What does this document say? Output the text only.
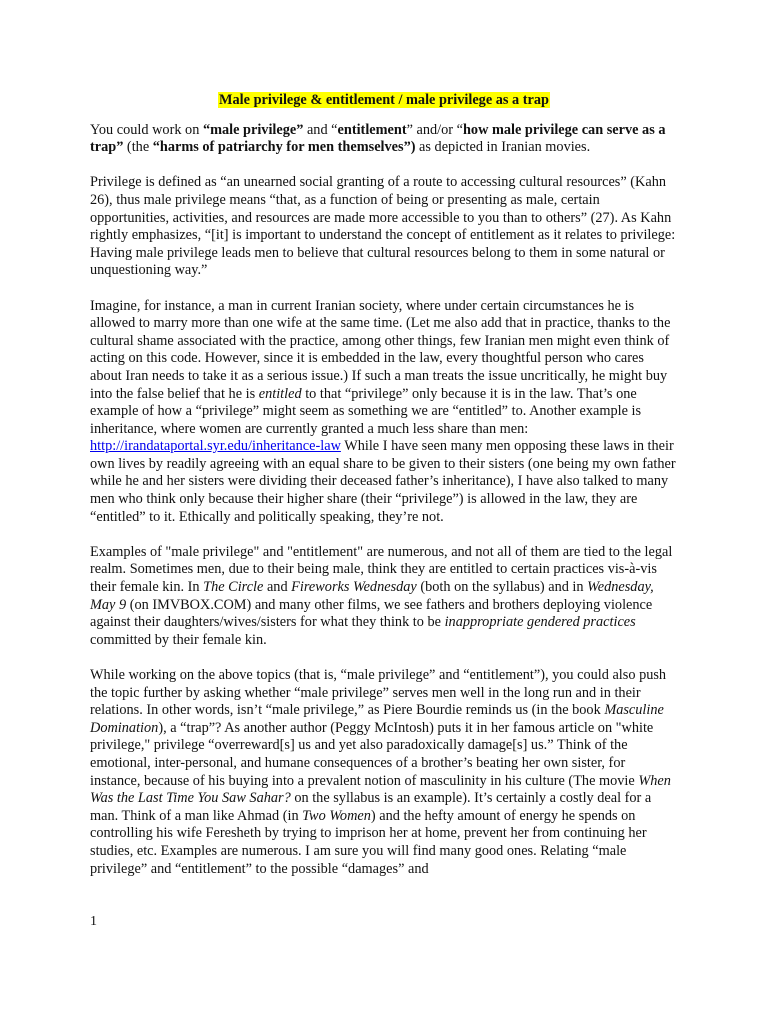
Male privilege & entitlement / male privilege as a trap

You could work on “male privilege” and “entitlement” and/or “how male privilege can serve as a trap” (the “harms of patriarchy for men themselves”) as depicted in Iranian movies.

Privilege is defined as “an unearned social granting of a route to accessing cultural resources” (Kahn 26), thus male privilege means “that, as a function of being or presenting as male, certain opportunities, activities, and resources are made more accessible to you than to others” (27). As Kahn rightly emphasizes, “[it] is important to understand the concept of entitlement as it relates to privilege: Having male privilege leads men to believe that cultural resources belong to them in some natural or unquestioning way.”

Imagine, for instance, a man in current Iranian society, where under certain circumstances he is allowed to marry more than one wife at the same time. (Let me also add that in practice, thanks to the cultural shame associated with the practice, among other things, few Iranian men might even think of acting on this code. However, since it is embedded in the law, every thoughtful person who cares about Iran needs to take it as a serious issue.) If such a man treats the issue uncritically, he might buy into the false belief that he is entitled to that “privilege” only because it is in the law. That’s one example of how a “privilege” might seem as something we are “entitled” to. Another example is inheritance, where women are currently granted a much less share than men: http://irandataportal.syr.edu/inheritance-law While I have seen many men opposing these laws in their own lives by readily agreeing with an equal share to be given to their sisters (one being my own father while he and her sisters were dividing their deceased father’s inheritance), I have also talked to many men who think only because their higher share (their “privilege”) is allowed in the law, they are “entitled” to it. Ethically and politically speaking, they’re not.

Examples of "male privilege" and "entitlement" are numerous, and not all of them are tied to the legal realm. Sometimes men, due to their being male, think they are entitled to certain practices vis-à-vis their female kin. In The Circle and Fireworks Wednesday (both on the syllabus) and in Wednesday, May 9 (on IMVBOX.COM) and many other films, we see fathers and brothers deploying violence against their daughters/wives/sisters for what they think to be inappropriate gendered practices committed by their female kin.

While working on the above topics (that is, “male privilege” and “entitlement”), you could also push the topic further by asking whether “male privilege” serves men well in the long run and in their relations. In other words, isn’t “male privilege,” as Piere Bourdie reminds us (in the book Masculine Domination), a “trap”? As another author (Peggy McIntosh) puts it in her famous article on "white privilege," privilege “overreward[s] us and yet also paradoxically damage[s] us.” Think of the emotional, inter-personal, and humane consequences of a brother’s beating her own sister, for instance, because of his buying into a prevalent notion of masculinity in his culture (The movie When Was the Last Time You Saw Sahar? on the syllabus is an example). It’s certainly a costly deal for a man. Think of a man like Ahmad (in Two Women) and the hefty amount of energy he spends on controlling his wife Feresheth by trying to imprison her at home, prevent her from continuing her studies, etc. Examples are numerous. I am sure you will find many good ones. Relating “male privilege” and “entitlement” to the possible “damages” and

1
